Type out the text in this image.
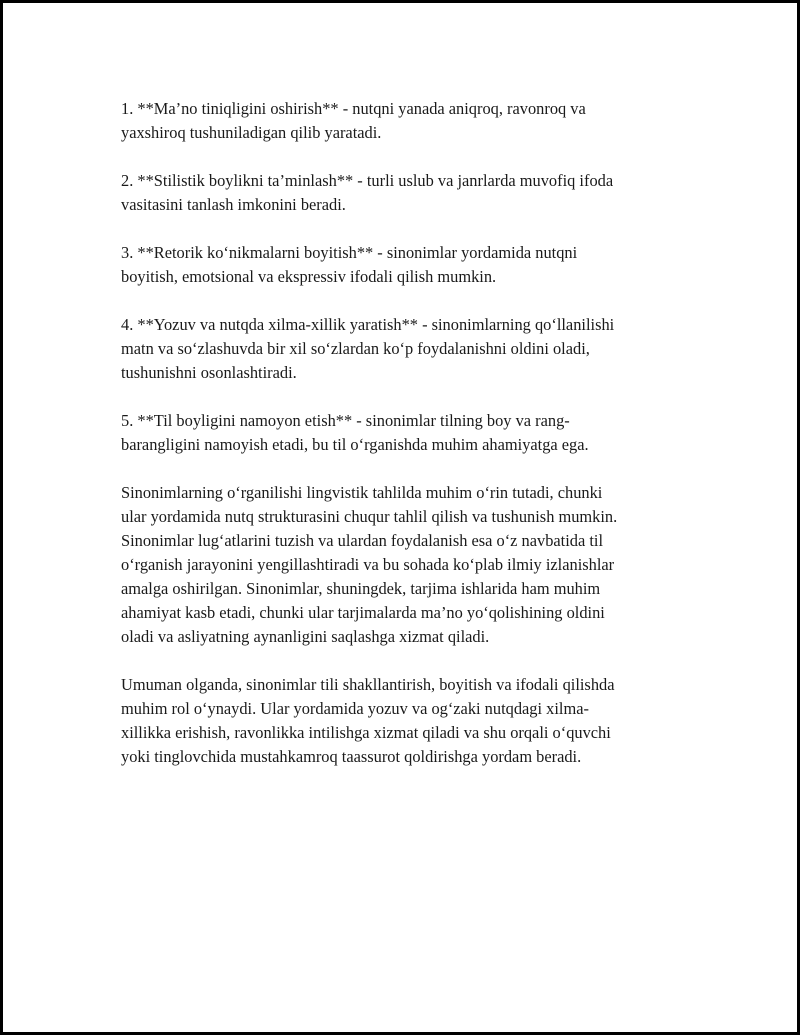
1. **Ma’no tiniqligini oshirish** - nutqni yanada aniqroq, ravonroq va
yaxshiroq tushuniladigan qilib yaratadi.

2. **Stilistik boylikni ta’minlash** - turli uslub va janrlarda muvofiq ifoda
vasitasini tanlash imkonini beradi.

3. **Retorik ko‘nikmalarni boyitish** - sinonimlar yordamida nutqni
boyitish, emotsional va ekspressiv ifodali qilish mumkin.

4. **Yozuv va nutqda xilma-xillik yaratish** - sinonimlarning qo‘llanilishi
matn va so‘zlashuvda bir xil so‘zlardan ko‘p foydalanishni oldini oladi,
tushunishni osonlashtiradi.

5. **Til boyligini namoyon etish** - sinonimlar tilning boy va rang-
barangligini namoyish etadi, bu til o‘rganishda muhim ahamiyatga ega.

Sinonimlarning o‘rganilishi lingvistik tahlilda muhim o‘rin tutadi, chunki
ular yordamida nutq strukturasini chuqur tahlil qilish va tushunish mumkin.
Sinonimlar lug‘atlarini tuzish va ulardan foydalanish esa o‘z navbatida til
o‘rganish jarayonini yengillashtiradi va bu sohada ko‘plab ilmiy izlanishlar
amalga oshirilgan. Sinonimlar, shuningdek, tarjima ishlarida ham muhim
ahamiyat kasb etadi, chunki ular tarjimalarda ma’no yo‘qolishining oldini
oladi va asliyatning aynanligini saqlashga xizmat qiladi.

Umuman olganda, sinonimlar tili shakllantirish, boyitish va ifodali qilishda
muhim rol o‘ynaydi. Ular yordamida yozuv va og‘zaki nutqdagi xilma-
xillikka erishish, ravonlikka intilishga xizmat qiladi va shu orqali o‘quvchi
yoki tinglovchida mustahkamroq taassurot qoldirishga yordam beradi.
